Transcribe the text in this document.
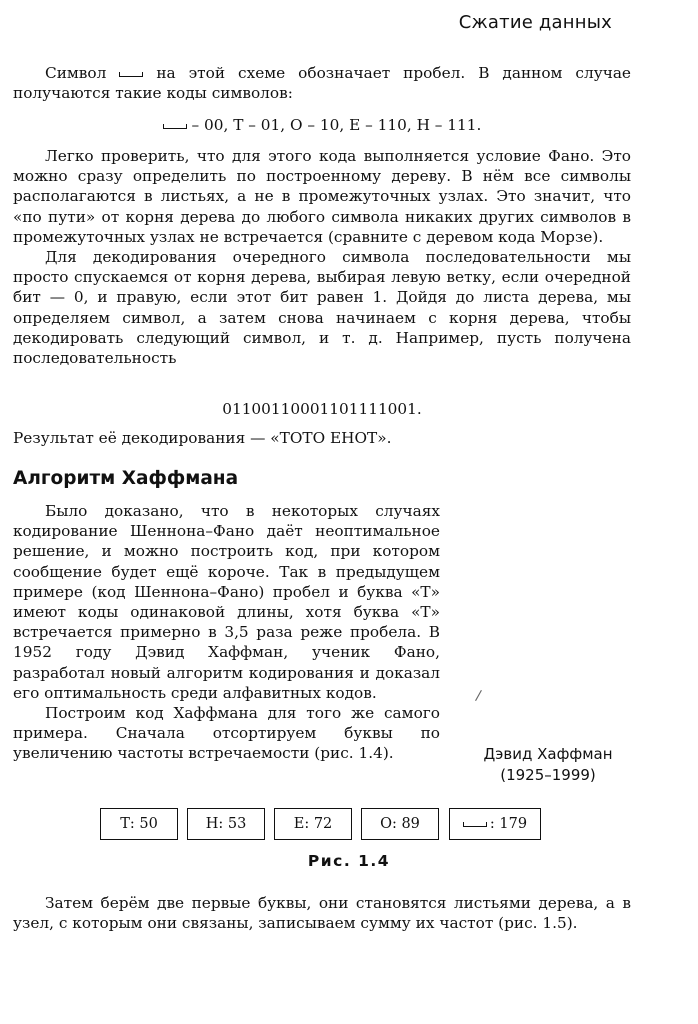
Сжатие данных

Символ	на этой схеме обозначает пробел. В данном случае получаются такие коды символов:

– 00, Т – 01, О – 10, Е – 110, Н – 111.

Легко проверить, что для этого кода выполняется условие Фано. Это можно сразу определить по построенному дереву. В нём все символы располагаются в листьях, а не в промежуточных узлах. Это значит, что «по пути» от корня дерева до любого символа никаких других символов в промежуточных узлах не встречается (сравните с деревом кода Морзе).

Для декодирования очередного символа последовательности мы просто спускаемся от корня дерева, выбирая левую ветку, если очередной бит — 0, и правую, если этот бит равен 1. Дойдя до листа дерева, мы определяем символ, а затем снова начинаем с корня дерева, чтобы декодировать следующий символ, и т. д. Например, пусть получена последовательность

0110011000110111100​1.
Результат её декодирования — «ТОТО ЕНОТ».
Алгоритм Хаффмана

Было доказано, что в некоторых случаях кодирование Шеннона–Фано даёт неоптимальное решение, и можно построить код, при котором сообщение будет ещё короче. Так в предыдущем примере (код Шеннона–Фано) пробел и буква «Т» имеют коды одинаковой длины, хотя буква «Т» встречается примерно в 3,5 раза реже пробела. В 1952 году Дэвид Хаффман, ученик Фано, разработал новый алгоритм кодирования и доказал его оптимальность среди алфавитных кодов.

Построим код Хаффмана для того же самого примера. Сначала отсортируем буквы по увеличению частоты встречаемости (рис. 1.4).

/
Дэвид Хаффман
(1925–1999)
Т: 50	Н: 53	Е: 72	О: 89	: 179
Рис. 1.4

Затем берём две первые буквы, они становятся листьями дерева, а в узел, с которым они связаны, записываем сумму их частот (рис. 1.5).
